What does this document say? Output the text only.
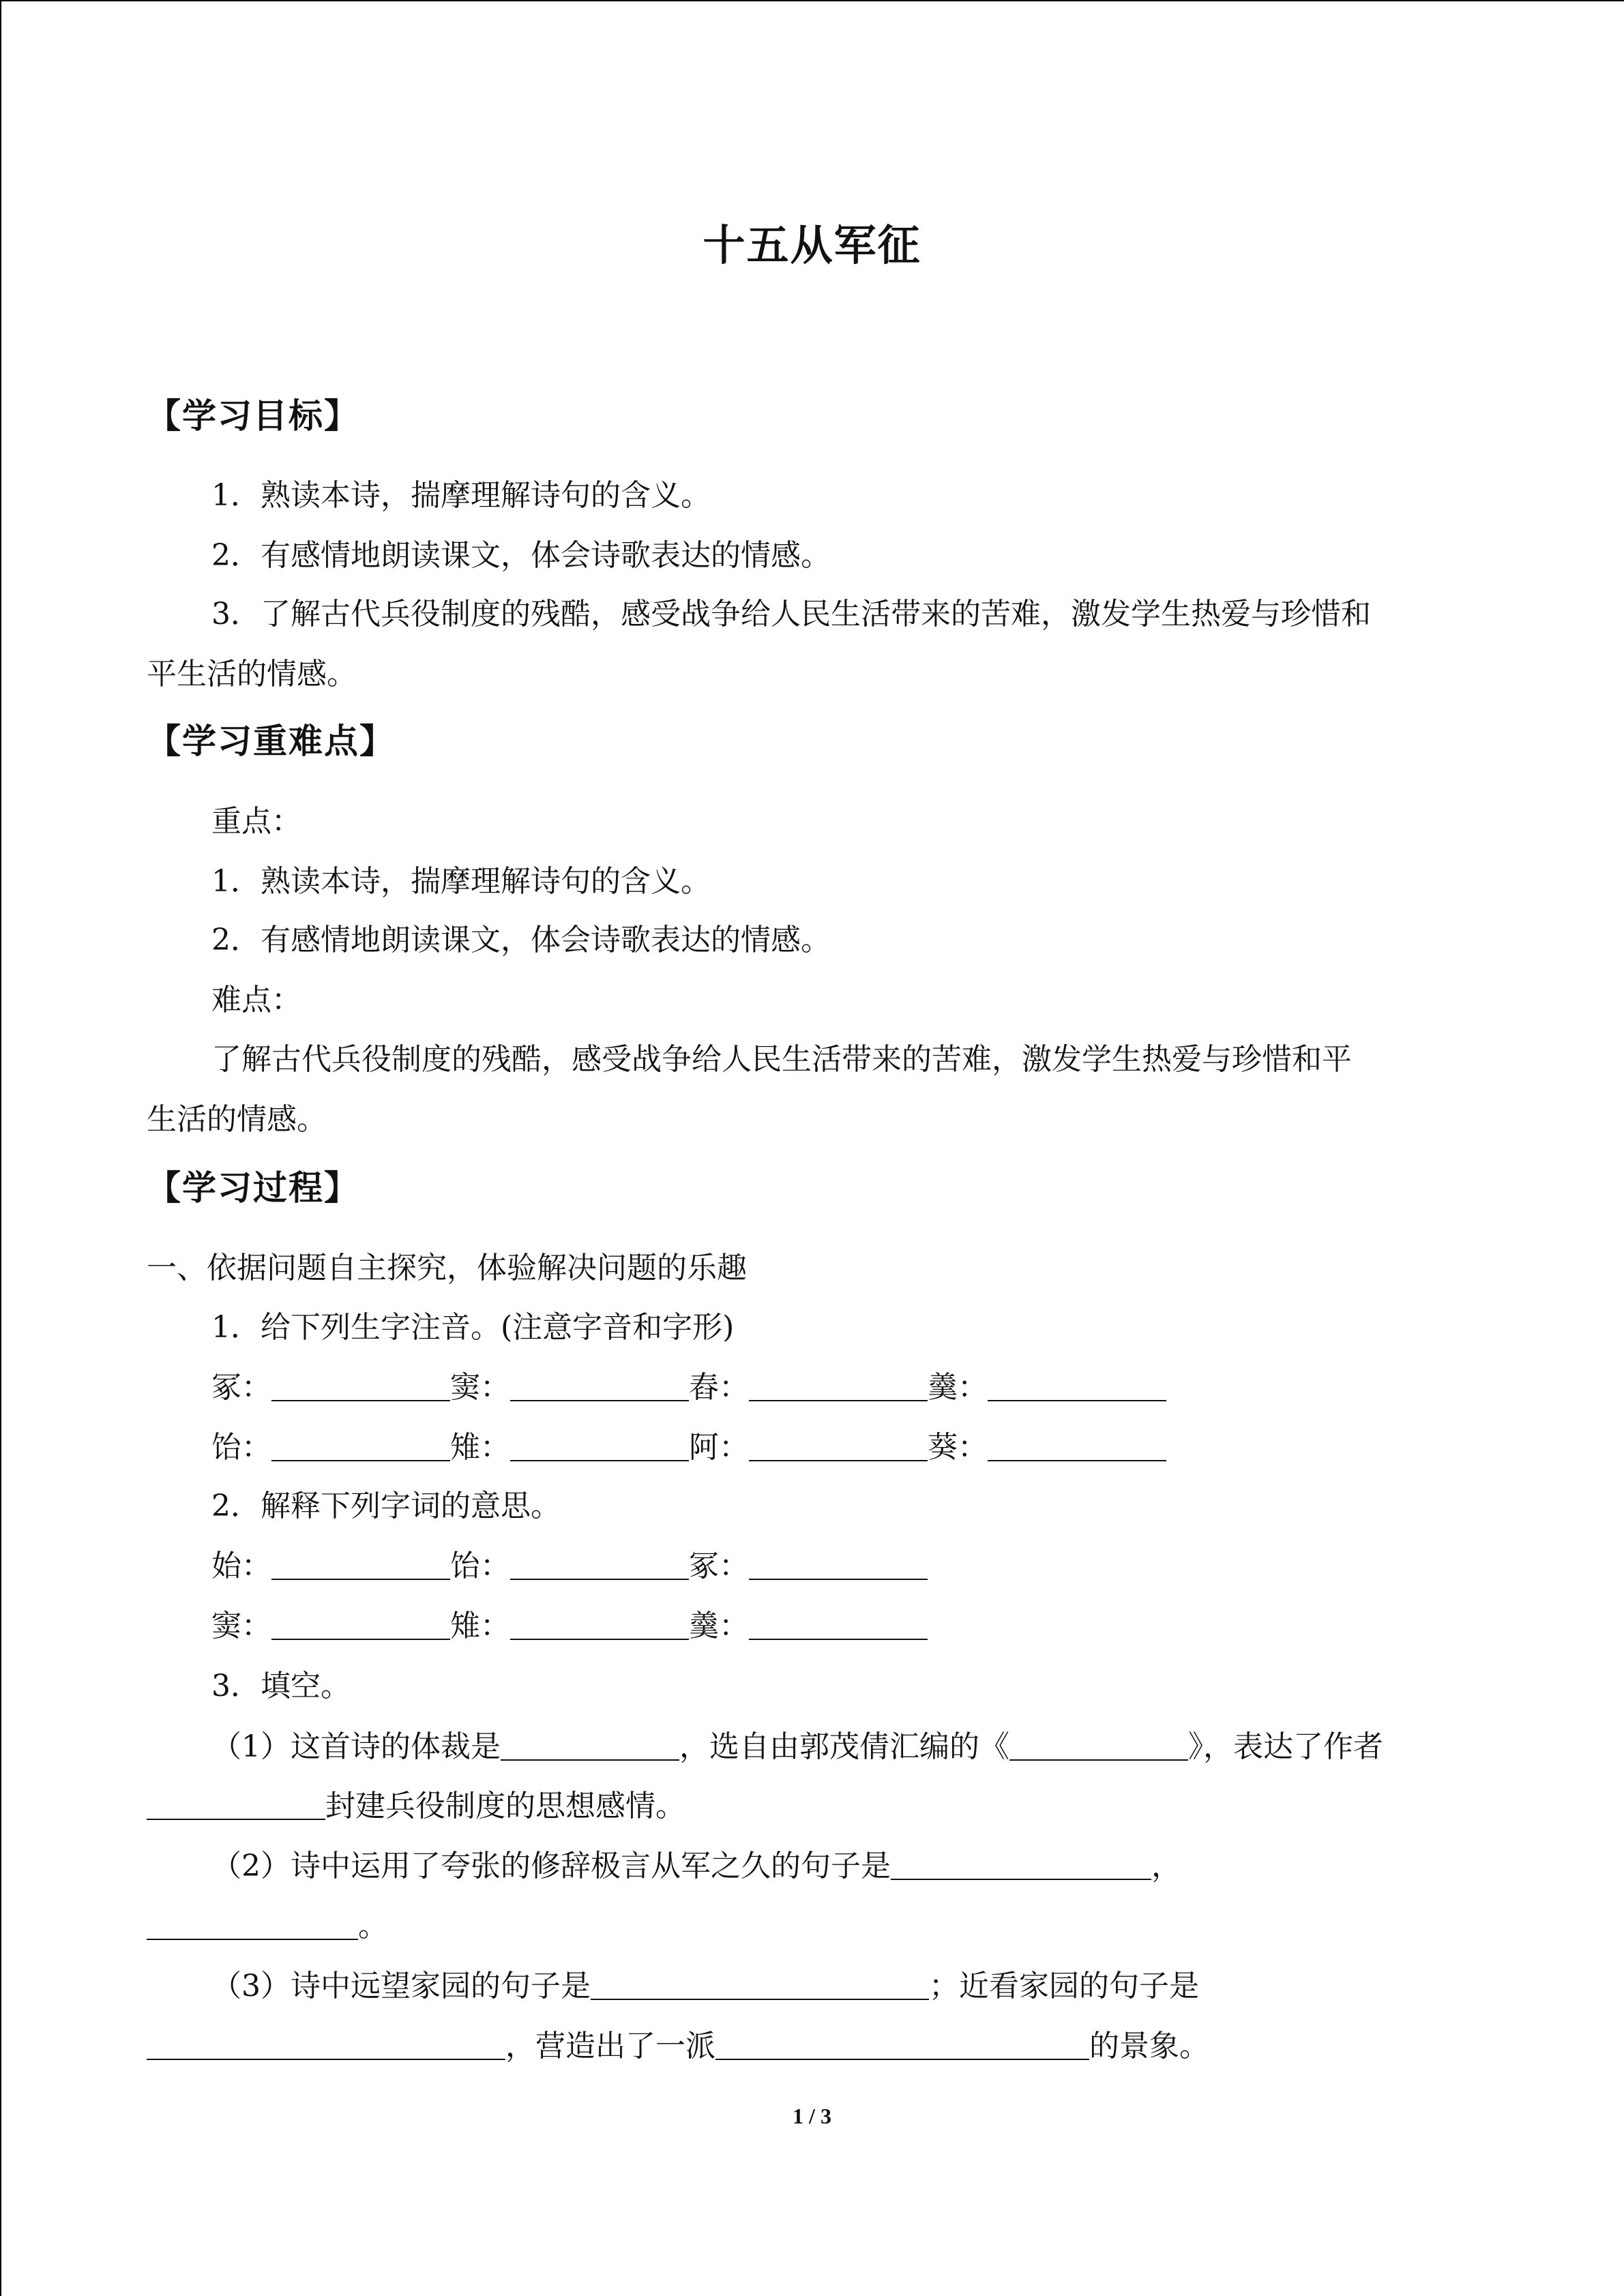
十五从军征
【学习目标】
1．熟读本诗，揣摩理解诗句的含义。
2．有感情地朗读课文，体会诗歌表达的情感。
3．了解古代兵役制度的残酷，感受战争给人民生活带来的苦难，激发学生热爱与珍惜和
平生活的情感。
【学习重难点】
重点：
1．熟读本诗，揣摩理解诗句的含义。
2．有感情地朗读课文，体会诗歌表达的情感。
难点：
了解古代兵役制度的残酷，感受战争给人民生活带来的苦难，激发学生热爱与珍惜和平
生活的情感。
【学习过程】
一、依据问题自主探究，体验解决问题的乐趣
1．给下列生字注音。(注意字音和字形)
冢：	窦：	舂：	羹：
饴：	雉：	阿：	葵：
2．解释下列字词的意思。
始：	饴：	冢：
窦：	雉：	羹：
3．填空。
（1）这首诗的体裁是	，选自由郭茂倩汇编的《	》，表达了作者
封建兵役制度的思想感情。
（2）诗中运用了夸张的修辞极言从军之久的句子是	，
。
（3）诗中远望家园的句子是	；近看家园的句子是
，营造出了一派	的景象。
1 / 3
